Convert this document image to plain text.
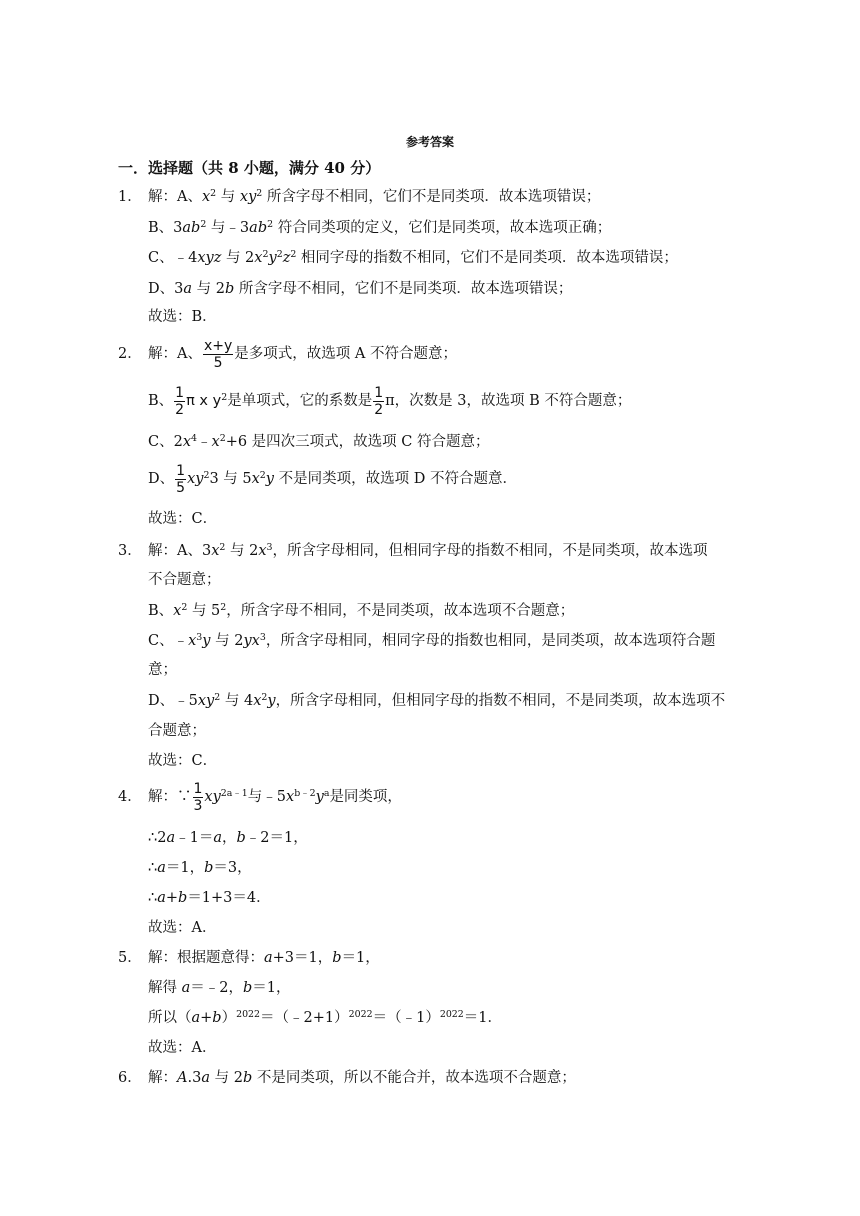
参考答案
一．选择题（共 8 小题，满分 40 分）
1． 解：A、$x^2$ 与 $xy^2$ 所含字母不相同，它们不是同类项．故本选项错误；
B、$3ab^2$ 与$﹣3ab^2$ 符合同类项的定义，它们是同类项，故本选项正确；
C、﹣4xyz 与 $2x^2y^2z^2$ 相同字母的指数不相同，它们不是同类项．故本选项错误；
D、3a 与 2b 所含字母不相同，它们不是同类项．故本选项错误；
故选：B．
2． 解：A、 $\frac{x+y}{5}$ 是多项式，故选项 A 不符合题意；
B、 $\frac{1}{2}$ π x $y^2$是单项式，它的系数是 $\frac{1}{2}$ π，次数是 3，故选项 B 不符合题意；
C、$2x^4﹣x^2+6$ 是四次三项式，故选项 C 符合题意；
D、 $\frac{1}{5} xy^23$ 与 $5x^2y$ 不是同类项，故选项 D 不符合题意．
故选：C．
3． 解：A、$3x^2$ 与 $2x^3$，所含字母相同，但相同字母的指数不相同，不是同类项，故本选项
不合题意；
B、$x^2$ 与 $5^2$，所含字母不相同，不是同类项，故本选项不合题意；
C、$﹣x^3y$ 与 $2yx^3$，所含字母相同，相同字母的指数也相同，是同类项，故本选项符合题
意；
D、$﹣5xy^2$ 与 $4x^2y$，所含字母相同，但相同字母的指数不相同，不是同类项，故本选项不
合题意；
故选：C．
4． 解：∵ $\frac{1}{3} xy^{2a﹣1}$与$﹣5x^{b﹣2}y^a$是同类项，
∴2a﹣1＝a，b﹣2＝1，
∴a＝1，b＝3，
∴a+b＝1+3＝4．
故选：A．
5． 解：根据题意得：a+3＝1，b＝1，
解得 a＝﹣2，b＝1，
所以$(a+b)^{2022}=(﹣2+1)^{2022}=(﹣1)^{2022}=1$．
故选：A．
6． 解：A.3a 与 2b 不是同类项，所以不能合并，故本选项不合题意；
